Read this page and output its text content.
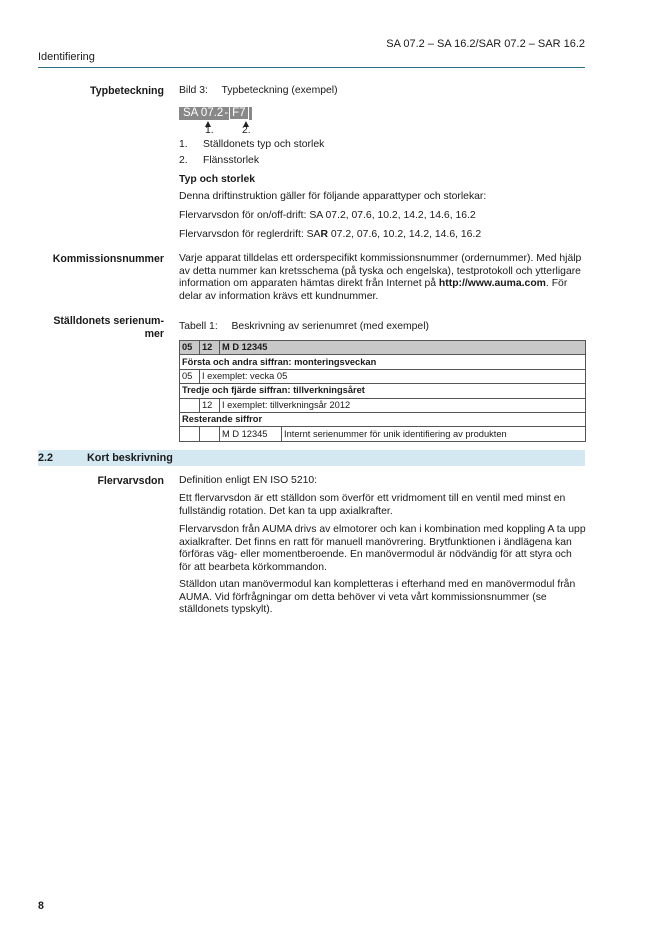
SA 07.2 – SA 16.2/SAR 07.2 – SAR 16.2
Identifiering
Typbeteckning Bild 3: Typbeteckning (exempel)
SA 07.2- F7
1.	2.
1. Ställdonets typ och storlek
2. Flänsstorlek
Typ och storlek
Denna driftinstruktion gäller för följande apparattyper och storlekar:
Flervarvsdon för on/off-drift: SA 07.2, 07.6, 10.2, 14.2, 14.6, 16.2
Flervarvsdon för reglerdrift: SAR 07.2, 07.6, 10.2, 14.2, 14.6, 16.2
Kommissionsnummer Varje apparat tilldelas ett orderspecifikt kommissionsnummer (ordernummer). Med hjälp av detta nummer kan kretsschema (på tyska och engelska), testprotokoll och ytterligare information om apparaten hämtas direkt från Internet på http://www.auma.com. För delar av information krävs ett kundnummer.
Ställdonets serienum-
mer
Tabell 1: Beskrivning av serienumret (med exempel)
05	12	M D 12345	
Första och andra siffran: monteringsveckan			
05	I exemplet: vecka 05		
Tredje och fjärde siffran: tillverkningsåret			
	12	I exemplet: tillverkningsår 2012	
Resterande siffror			
		M D 12345	Internt serienummer för unik identifiering av produkten
2.2	Kort beskrivning
Flervarvsdon Definition enligt EN ISO 5210:
Ett flervarvsdon är ett ställdon som överför ett vridmoment till en ventil med minst en fullständig rotation. Det kan ta upp axialkrafter.
Flervarvsdon från AUMA drivs av elmotorer och kan i kombination med koppling A ta upp axialkrafter. Det finns en ratt för manuell manövrering. Brytfunktionen i ändlägena kan förföras väg- eller momentberoende. En manövermodul är nödvändig för att styra och för att bearbeta körkommandon.
Ställdon utan manövermodul kan kompletteras i efterhand med en manövermodul från AUMA. Vid förfrågningar om detta behöver vi veta vårt kommissionsnummer (se ställdonets typskylt).
8
